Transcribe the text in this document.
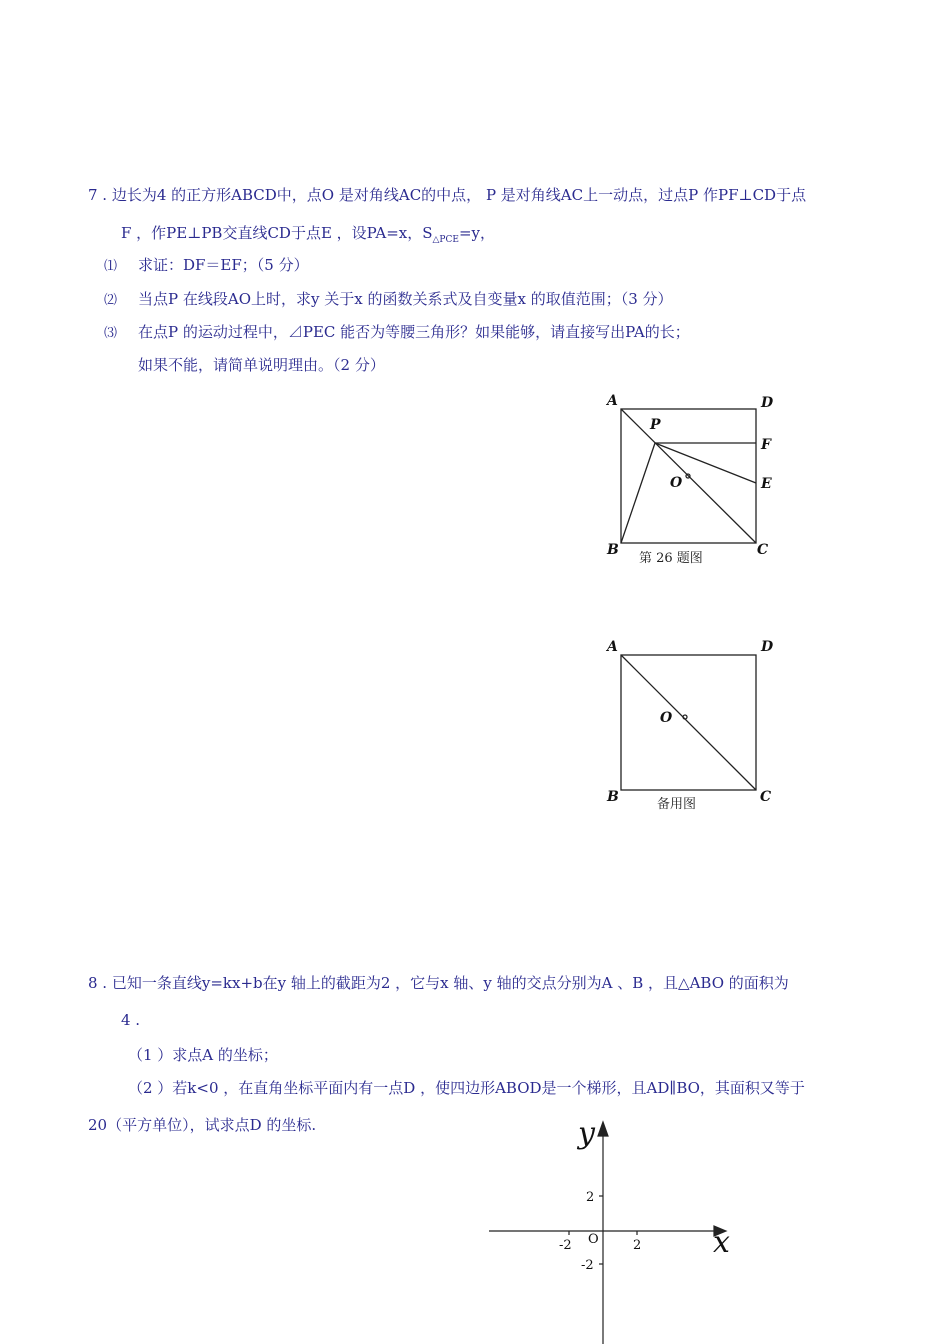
7 . 边长为4 的正方形ABCD中，点O 是对角线AC的中点， P 是对角线AC上一动点，过点P 作PF⊥CD于点
F ，作PE⊥PB交直线CD于点E ，设PA=x，$S_{\triangle PCE}=y$，
⑴ 求证：DF＝EF；（5 分）
⑵ 当点P 在线段AO上时，求y 关于x 的函数关系式及自变量x 的取值范围；（3 分）
⑶ 在点P 的运动过程中，⊿PEC 能否为等腰三角形？如果能够，请直接写出PA的长；
如果不能，请简单说明理由。（2 分）
A	D
P
F
O	E
B	C
A	D
O
B	C
y
x
2
-2
-2 O	2
第 26 题图
备用图
8 . 已知一条直线y=kx+b在y 轴上的截距为2 ，它与x 轴、y 轴的交点分别为A 、B ，且△ABO 的面积为
4 .
（1 ）求点A 的坐标；
（2 ）若k<0 ，在直角坐标平面内有一点D ，使四边形ABOD是一个梯形，且AD∥BO，其面积又等于
20（平方单位），试求点D 的坐标.
